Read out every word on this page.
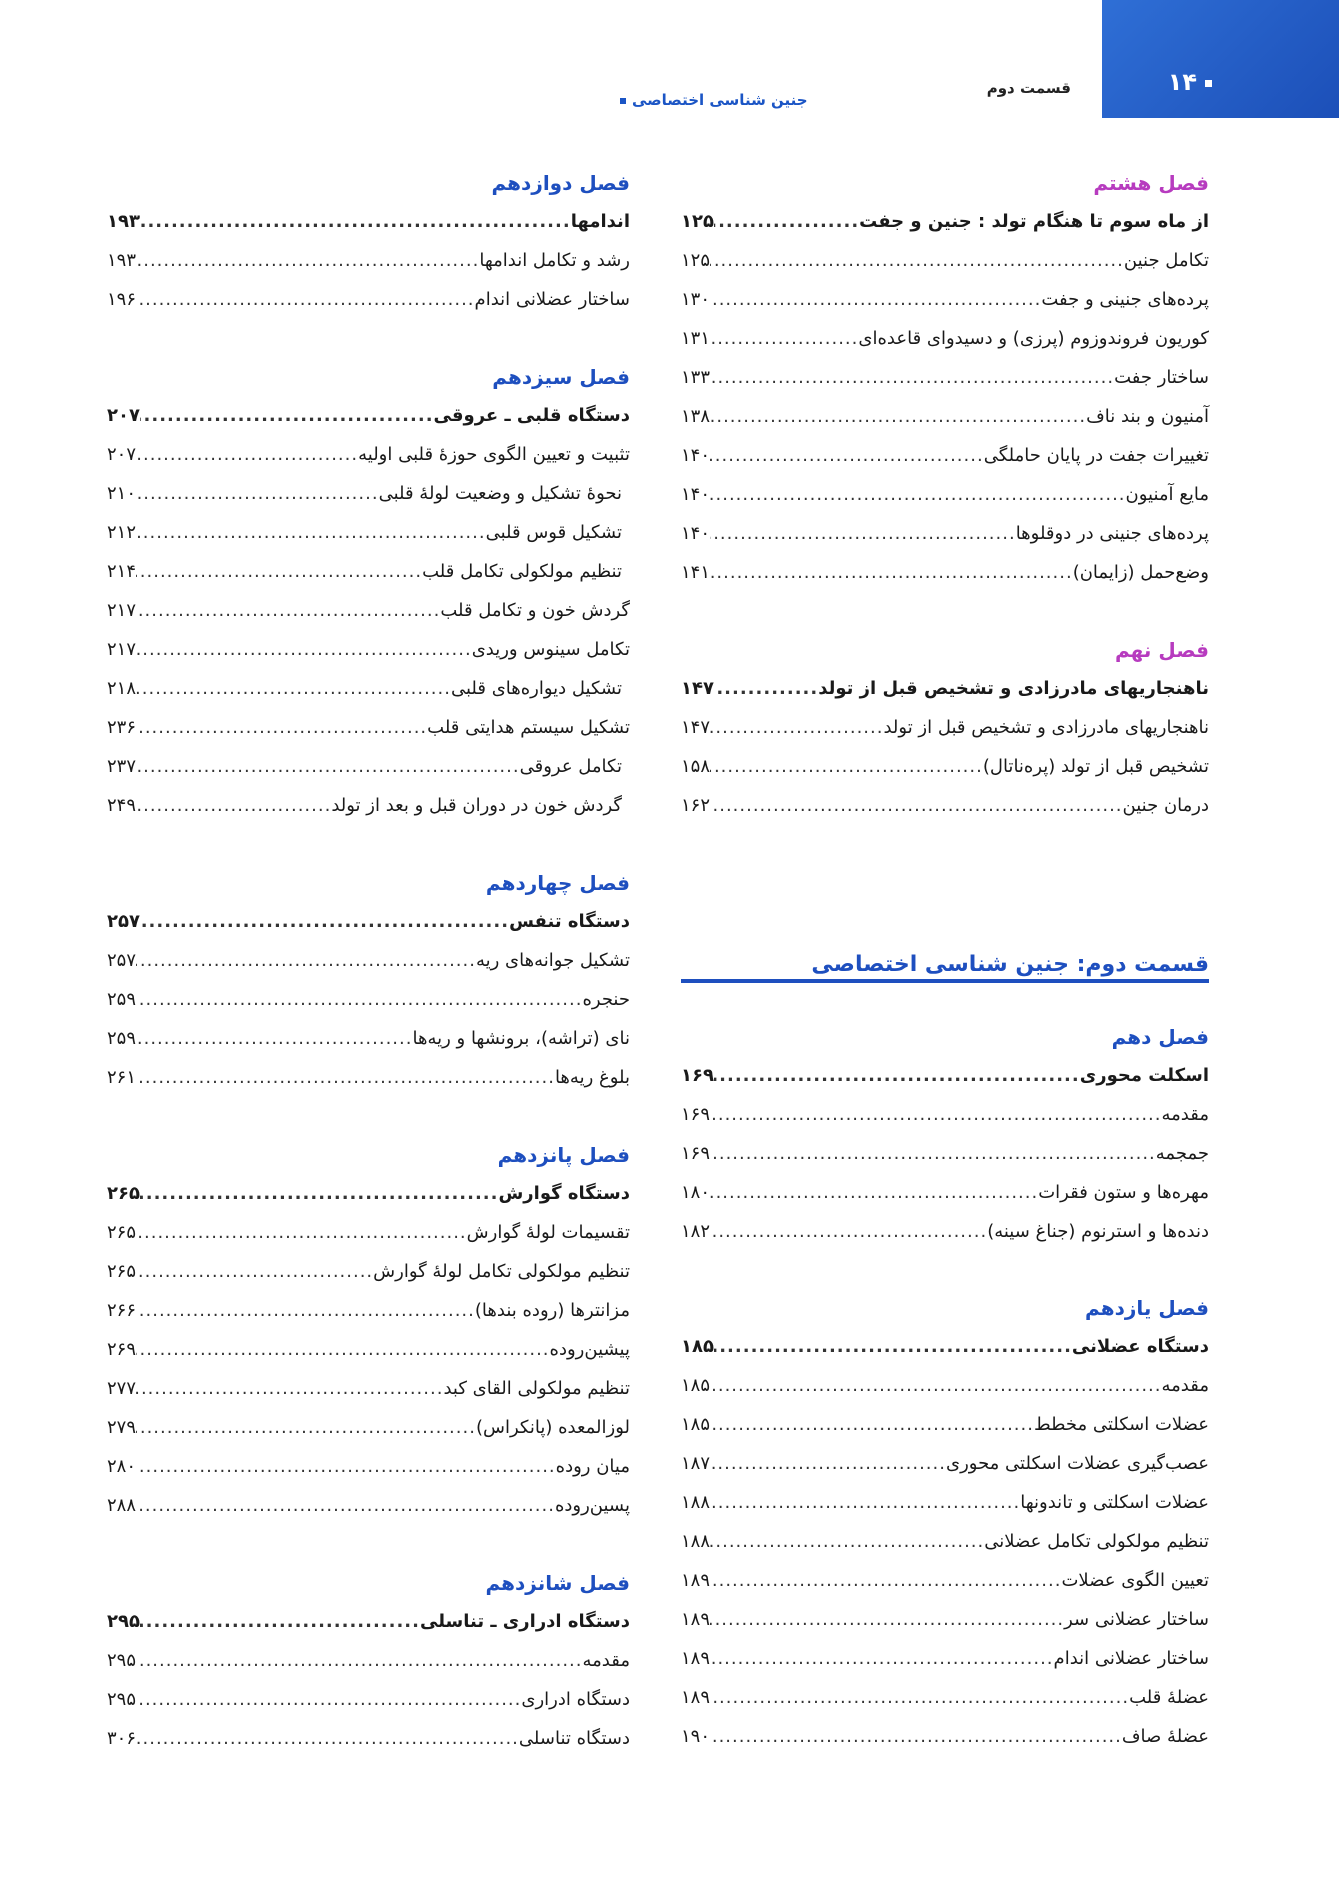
۱۴
قسمت دوم
جنین شناسی اختصاصی
فصل هشتم
از ماه سوم تا هنگام تولد : جنین و جفت
.....
۱۲۵
تکامل جنین
.....
۱۲۵
پرده‌های جنینی و جفت
.....
۱۳۰
کوریون فروندوزوم (پرزی) و دسیدوای قاعده‌ای
.....
۱۳۱
ساختار جفت
.....
۱۳۳
آمنیون و بند ناف
.....
۱۳۸
تغییرات جفت در پایان حاملگی
.....
۱۴۰
مایع آمنیون
.....
۱۴۰
پرده‌های جنینی در دوقلوها
.....
۱۴۰
وضع‌حمل (زایمان)
.....
۱۴۱
فصل نهم
ناهنجاریهای مادرزادی و تشخیص قبل از تولد
.....
۱۴۷
ناهنجاریهای مادرزادی و تشخیص قبل از تولد
.....
۱۴۷
تشخیص قبل از تولد (پره‌ناتال)
.....
۱۵۸
درمان جنین
.....
۱۶۲
فصل دهم
اسکلت محوری
.....
۱۶۹
مقدمه
.....
۱۶۹
جمجمه
.....
۱۶۹
مهره‌ها و ستون فقرات
.....
۱۸۰
دنده‌ها و استرنوم (جناغ سینه)
.....
۱۸۲
فصل یازدهم
دستگاه عضلانی
.....
۱۸۵
مقدمه
.....
۱۸۵
عضلات اسکلتی مخطط
.....
۱۸۵
عصب‌گیری عضلات اسکلتی محوری
.....
۱۸۷
عضلات اسکلتی و تاندونها
.....
۱۸۸
تنظیم مولکولی تکامل عضلانی
.....
۱۸۸
تعیین الگوی عضلات
.....
۱۸۹
ساختار عضلانی سر
.....
۱۸۹
ساختار عضلانی اندام
.....
۱۸۹
عضلهٔ قلب
.....
۱۸۹
عضلهٔ صاف
.....
۱۹۰
قسمت دوم: جنین شناسی اختصاصی
فصل دوازدهم
اندامها
.....
۱۹۳
رشد و تکامل اندامها
.....
۱۹۳
ساختار عضلانی اندام
.....
۱۹۶
فصل سیزدهم
دستگاه قلبی ـ عروقی
.....
۲۰۷
تثبیت و تعیین الگوی حوزهٔ قلبی اولیه
.....
۲۰۷
نحوهٔ تشکیل و وضعیت لولهٔ قلبی
.....
۲۱۰
تشکیل قوس قلبی
.....
۲۱۲
تنظیم مولکولی تکامل قلب
.....
۲۱۴
گردش خون و تکامل قلب
.....
۲۱۷
تکامل سینوس وریدی
.....
۲۱۷
تشکیل دیواره‌های قلبی
.....
۲۱۸
تشکیل سیستم هدایتی قلب
.....
۲۳۶
تکامل عروقی
.....
۲۳۷
گردش خون در دوران قبل و بعد از تولد
.....
۲۴۹
فصل چهاردهم
دستگاه تنفس
.....
۲۵۷
تشکیل جوانه‌های ریه
.....
۲۵۷
حنجره
.....
۲۵۹
نای (تراشه)، برونشها و ریه‌ها
.....
۲۵۹
بلوغ ریه‌ها
.....
۲۶۱
فصل پانزدهم
دستگاه گوارش
.....
۲۶۵
تقسیمات لولهٔ گوارش
.....
۲۶۵
تنظیم مولکولی تکامل لولهٔ گوارش
.....
۲۶۵
مزانترها (روده بندها)
.....
۲۶۶
پیشین‌روده
.....
۲۶۹
تنظیم مولکولی القای کبد
.....
۲۷۷
لوزالمعده (پانکراس)
.....
۲۷۹
میان روده
.....
۲۸۰
پسین‌روده
.....
۲۸۸
فصل شانزدهم
دستگاه ادراری ـ تناسلی
.....
۲۹۵
مقدمه
.....
۲۹۵
دستگاه ادراری
.....
۲۹۵
دستگاه تناسلی
.....
۳۰۶
